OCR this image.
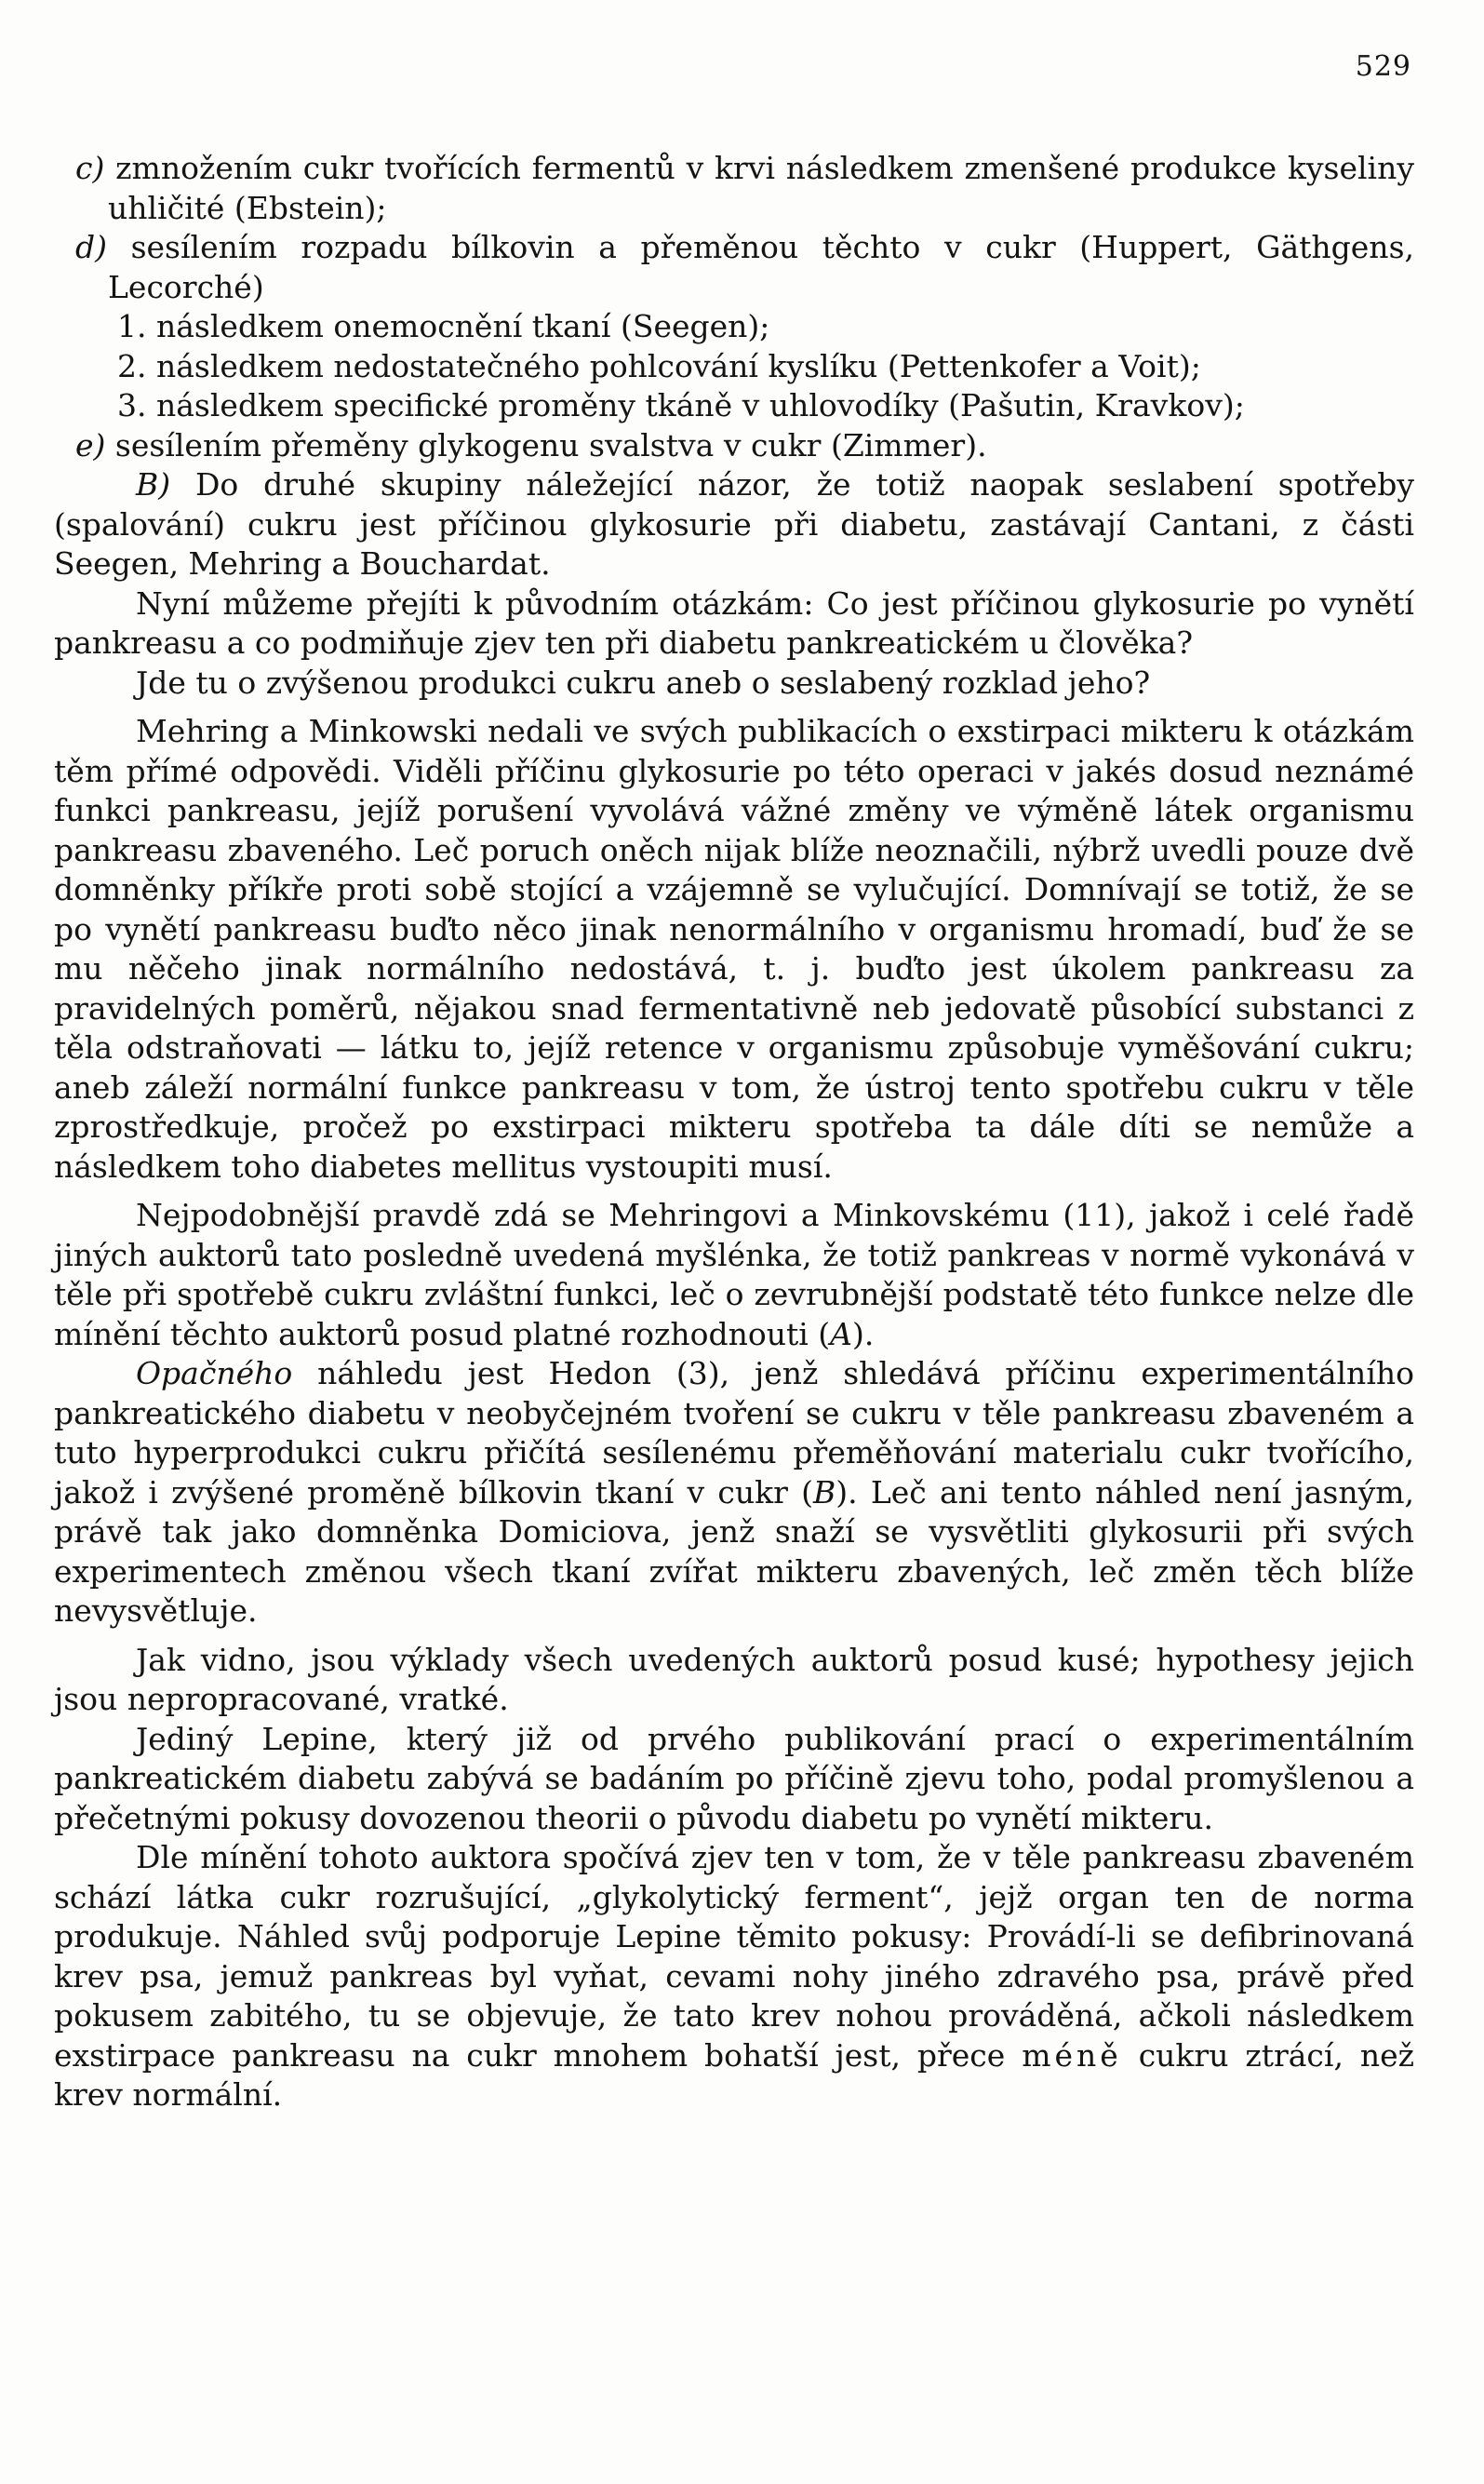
529

c) zmnožením cukr tvořících fermentů v krvi následkem zmenšené produkce kyseliny uhličité (Ebstein);

d) sesílením rozpadu bílkovin a přeměnou těchto v cukr (Huppert, Gäthgens, Lecorché)

1. následkem onemocnění tkaní (Seegen);

2. následkem nedostatečného pohlcování kyslíku (Pettenkofer a Voit);

3. následkem specifické proměny tkáně v uhlovodíky (Pašutin, Kravkov);

e) sesílením přeměny glykogenu svalstva v cukr (Zimmer).

B) Do druhé skupiny náležející názor, že totiž naopak seslabení spotřeby (spalování) cukru jest příčinou glykosurie při diabetu, zastávají Cantani, z části Seegen, Mehring a Bouchardat.

Nyní můžeme přejíti k původním otázkám: Co jest příčinou glykosurie po vynětí pankreasu a co podmiňuje zjev ten při diabetu pankreatickém u člověka?

Jde tu o zvýšenou produkci cukru aneb o seslabený rozklad jeho?

Mehring a Minkowski nedali ve svých publikacích o exstirpaci mikteru k otázkám těm přímé odpovědi. Viděli příčinu glykosurie po této operaci v jakés dosud neznámé funkci pankreasu, jejíž porušení vyvolává vážné změny ve výměně látek organismu pankreasu zbaveného. Leč poruch oněch nijak blíže neoznačili, nýbrž uvedli pouze dvě domněnky příkře proti sobě stojící a vzájemně se vylučující. Domnívají se totiž, že se po vynětí pankreasu buďto něco jinak nenormálního v organismu hromadí, buď že se mu něčeho jinak normálního nedostává, t. j. buďto jest úkolem pankreasu za pravidelných poměrů, nějakou snad fermentativně neb jedovatě působící substanci z těla odstraňovati — látku to, jejíž retence v organismu způsobuje vyměšování cukru; aneb záleží normální funkce pankreasu v tom, že ústroj tento spotřebu cukru v těle zprostředkuje, pročež po exstirpaci mikteru spotřeba ta dále díti se nemůže a následkem toho diabetes mellitus vystoupiti musí.

Nejpodobnější pravdě zdá se Mehringovi a Minkovskému (11), jakož i celé řadě jiných auktorů tato posledně uvedená myšlénka, že totiž pankreas v normě vykonává v těle při spotřebě cukru zvláštní funkci, leč o zevrubnější podstatě této funkce nelze dle mínění těchto auktorů posud platné rozhodnouti (A).

Opačného náhledu jest Hedon (3), jenž shledává příčinu experimentálního pankreatického diabetu v neobyčejném tvoření se cukru v těle pankreasu zbaveném a tuto hyperprodukci cukru přičítá sesílenému přeměňování materialu cukr tvořícího, jakož i zvýšené proměně bílkovin tkaní v cukr (B). Leč ani tento náhled není jasným, právě tak jako domněnka Domiciova, jenž snaží se vysvětliti glykosurii při svých experimentech změnou všech tkaní zvířat mikteru zbavených, leč změn těch blíže nevysvětluje.

Jak vidno, jsou výklady všech uvedených auktorů posud kusé; hypothesy jejich jsou nepropracované, vratké.

Jediný Lepine, který již od prvého publikování prací o experimentálním pankreatickém diabetu zabývá se badáním po příčině zjevu toho, podal promyšlenou a přečetnými pokusy dovozenou theorii o původu diabetu po vynětí mikteru.

Dle mínění tohoto auktora spočívá zjev ten v tom, že v těle pankreasu zbaveném schází látka cukr rozrušující, „glykolytický ferment“, jejž organ ten de norma produkuje. Náhled svůj podporuje Lepine těmito pokusy: Provádí-li se defibrinovaná krev psa, jemuž pankreas byl vyňat, cevami nohy jiného zdravého psa, právě před pokusem zabitého, tu se objevuje, že tato krev nohou prováděná, ačkoli následkem exstirpace pankreasu na cukr mnohem bohatší jest, přece méně cukru ztrácí, než krev normální.
